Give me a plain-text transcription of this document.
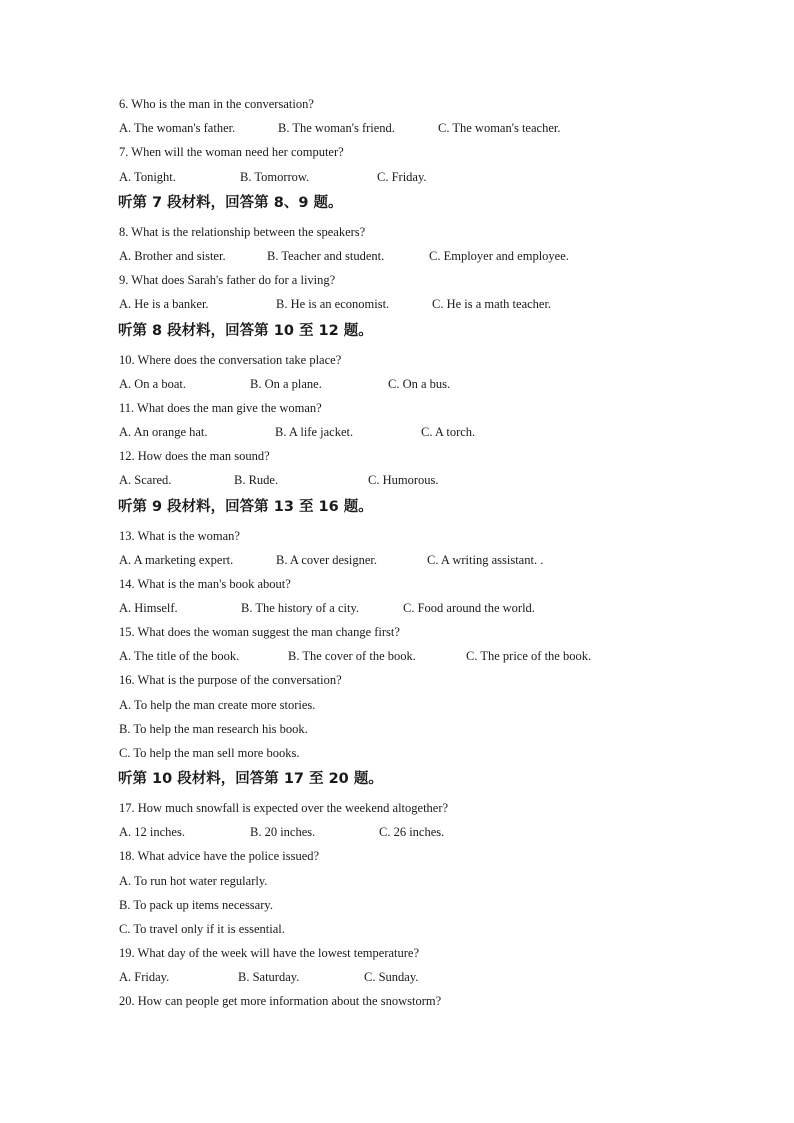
6. Who is the man in the conversation?
A. The woman's father.	B. The woman's friend.	C. The woman's teacher.
7. When will the woman need her computer?
A. Tonight.	B. Tomorrow.	C. Friday.
听第 7 段材料，回答第 8、9 题。
8. What is the relationship between the speakers?
A. Brother and sister.	B. Teacher and student.	C. Employer and employee.
9. What does Sarah's father do for a living?
A. He is a banker.	B. He is an economist.	C. He is a math teacher.
听第 8 段材料，回答第 10 至 12 题。
10. Where does the conversation take place?
A. On a boat.	B. On a plane.	C. On a bus.
11. What does the man give the woman?
A. An orange hat.	B. A life jacket.	C. A torch.
12. How does the man sound?
A. Scared.	B. Rude.	C. Humorous.
听第 9 段材料，回答第 13 至 16 题。
13. What is the woman?
A. A marketing expert.	B. A cover designer.	C. A writing assistant. .
14. What is the man's book about?
A. Himself.	B. The history of a city.	C. Food around the world.
15. What does the woman suggest the man change first?
A. The title of the book.	B. The cover of the book.	C. The price of the book.
16. What is the purpose of the conversation?
A. To help the man create more stories.
B. To help the man research his book.
C. To help the man sell more books.
听第 10 段材料，回答第 17 至 20 题。
17. How much snowfall is expected over the weekend altogether?
A. 12 inches.	B. 20 inches.	C. 26 inches.
18. What advice have the police issued?
A. To run hot water regularly.
B. To pack up items necessary.
C. To travel only if it is essential.
19. What day of the week will have the lowest temperature?
A. Friday.	B. Saturday.	C. Sunday.
20. How can people get more information about the snowstorm?
